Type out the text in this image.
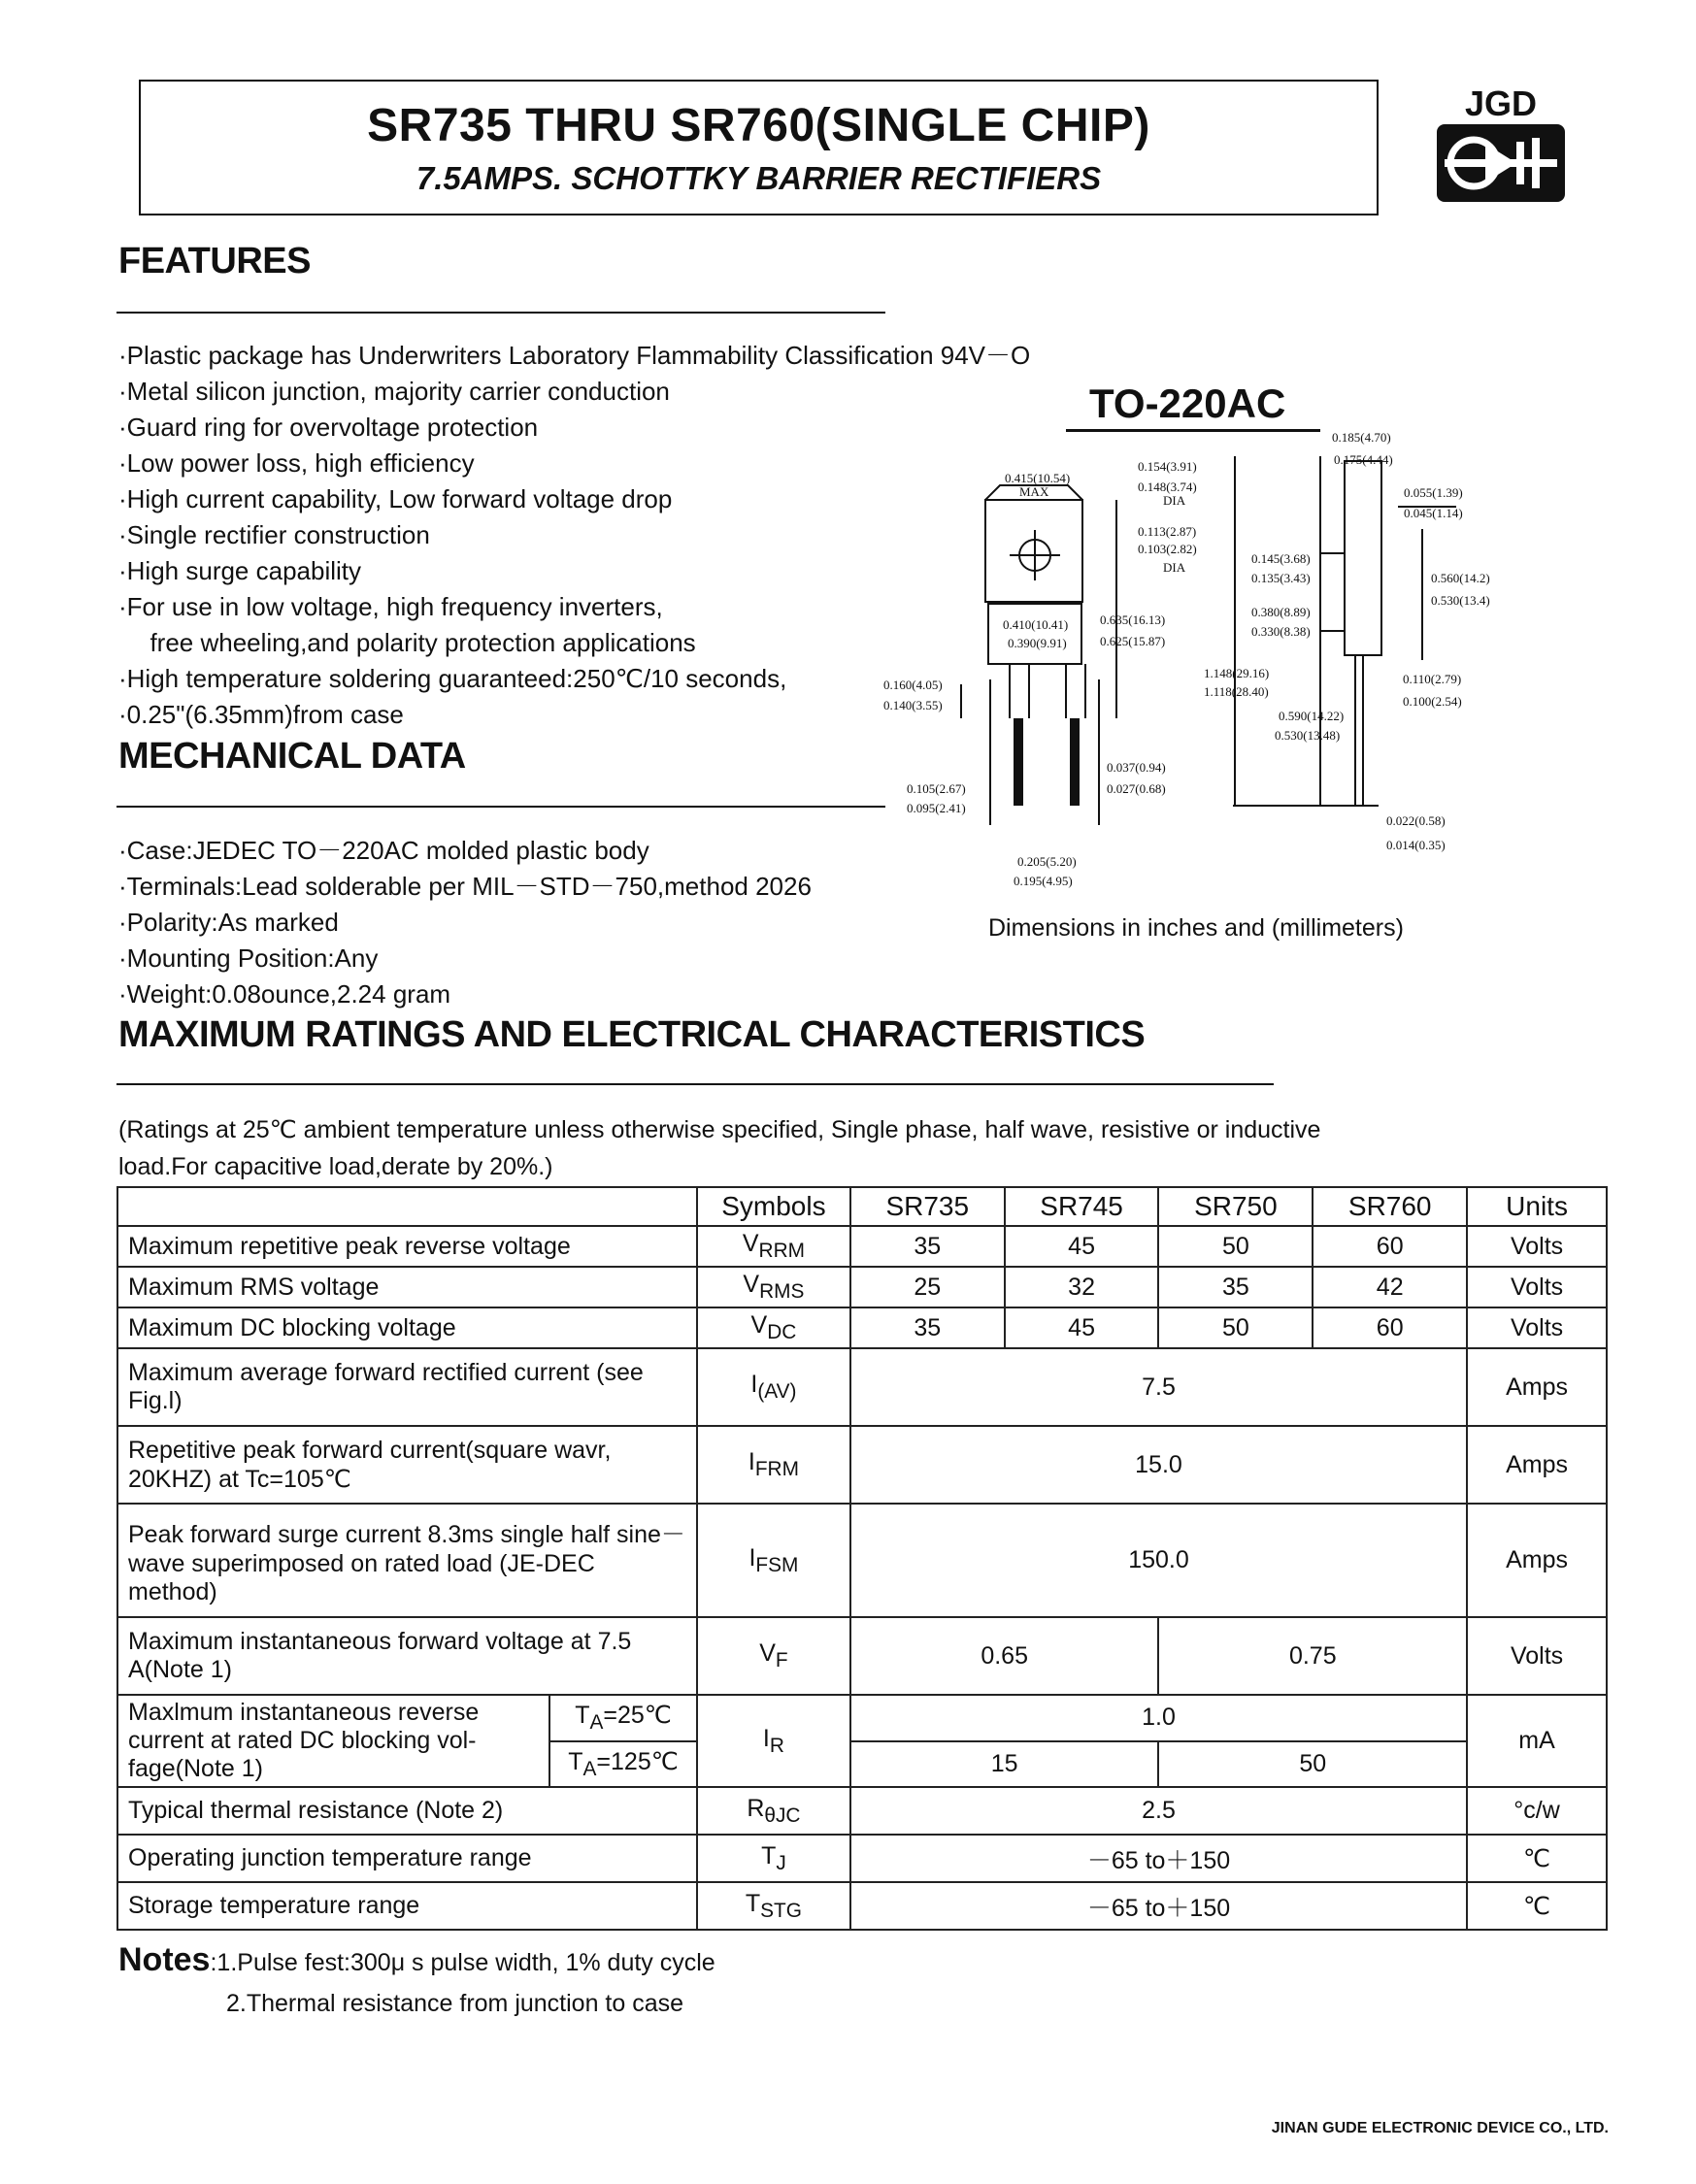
SR735 THRU SR760(SINGLE CHIP)
7.5AMPS. SCHOTTKY BARRIER RECTIFIERS
JGD
FEATURES
·Plastic package has Underwriters Laboratory Flammability Classification 94V－O
·Metal silicon junction, majority carrier conduction
·Guard ring for overvoltage protection
·Low power loss, high efficiency
·High current capability, Low forward voltage drop
·Single rectifier construction
·High surge capability
·For use in low voltage, high frequency inverters,
free wheeling,and polarity protection applications
·High temperature soldering guaranteed:250℃/10 seconds,
·0.25"(6.35mm)from case
MECHANICAL DATA
·Case:JEDEC TO－220AC molded plastic body
·Terminals:Lead solderable per MIL－STD－750,method 2026
·Polarity:As marked
·Mounting Position:Any
·Weight:0.08ounce,2.24 gram
TO-220AC
0.415(10.54)
MAX
0.154(3.91)
0.148(3.74)
DIA
0.113(2.87)
0.103(2.82)
DIA
0.410(10.41)
0.390(9.91)
0.635(16.13)
0.625(15.87)
0.160(4.05)
0.140(3.55)
0.037(0.94)
0.027(0.68)
0.105(2.67)
0.095(2.41)
0.205(5.20)
0.195(4.95)
0.185(4.70)
0.175(4.44)
0.055(1.39)
0.045(1.14)
0.145(3.68)
0.135(3.43)	0.560(14.2)
0.530(13.4)
0.380(8.89)
0.330(8.38)
1.148(29.16)
1.118(28.40)
0.110(2.79)
0.100(2.54)
0.590(14.22)
0.530(13.48)
0.022(0.58)
0.014(0.35)
Dimensions in inches and (millimeters)
MAXIMUM RATINGS AND ELECTRICAL CHARACTERISTICS
(Ratings at 25℃ ambient temperature unless otherwise specified, Single phase, half wave, resistive or inductive
load.For capacitive load,derate by 20%.)
		Symbols	SR735	SR745	SR750	SR760	Units
Maximum repetitive peak reverse voltage		$V_{RRM}$	35	45	50	60	Volts
Maximum RMS voltage		$V_{RMS}$	25	32	35	42	Volts
Maximum DC blocking voltage		$V_{DC}$	35	45	50	60	Volts
Maximum average forward rectified current (see Fig.l)		$I_{(AV)}$	7.5				Amps
Repetitive peak forward current(square wavr, 20KHZ) at Tc=105℃		$I_{FRM}$	15.0				Amps
Peak forward surge current 8.3ms single half sine－wave superimposed on rated load (JE-DEC method)		$I_{FSM}$	150.0				Amps
Maximum instantaneous forward voltage at 7.5 A(Note 1)		$V_F$	0.65		0.75		Volts
Maxlmum instantaneous reverse current at rated DC blocking vol-fage(Note 1)	$T_A=25℃$	$I_R$	1.0				mA
	$T_A=125℃$		15		50		
Typical thermal resistance (Note 2)		$R_{\theta JC}$	2.5				°c/w
Operating junction temperature range		$T_J$	－65 to＋150				℃
Storage temperature range		$T_{STG}$	－65 to＋150				℃
Notes:1.Pulse fest:300μ s pulse width, 1% duty cycle
2.Thermal resistance from junction to case
JINAN GUDE ELECTRONIC DEVICE CO., LTD.
